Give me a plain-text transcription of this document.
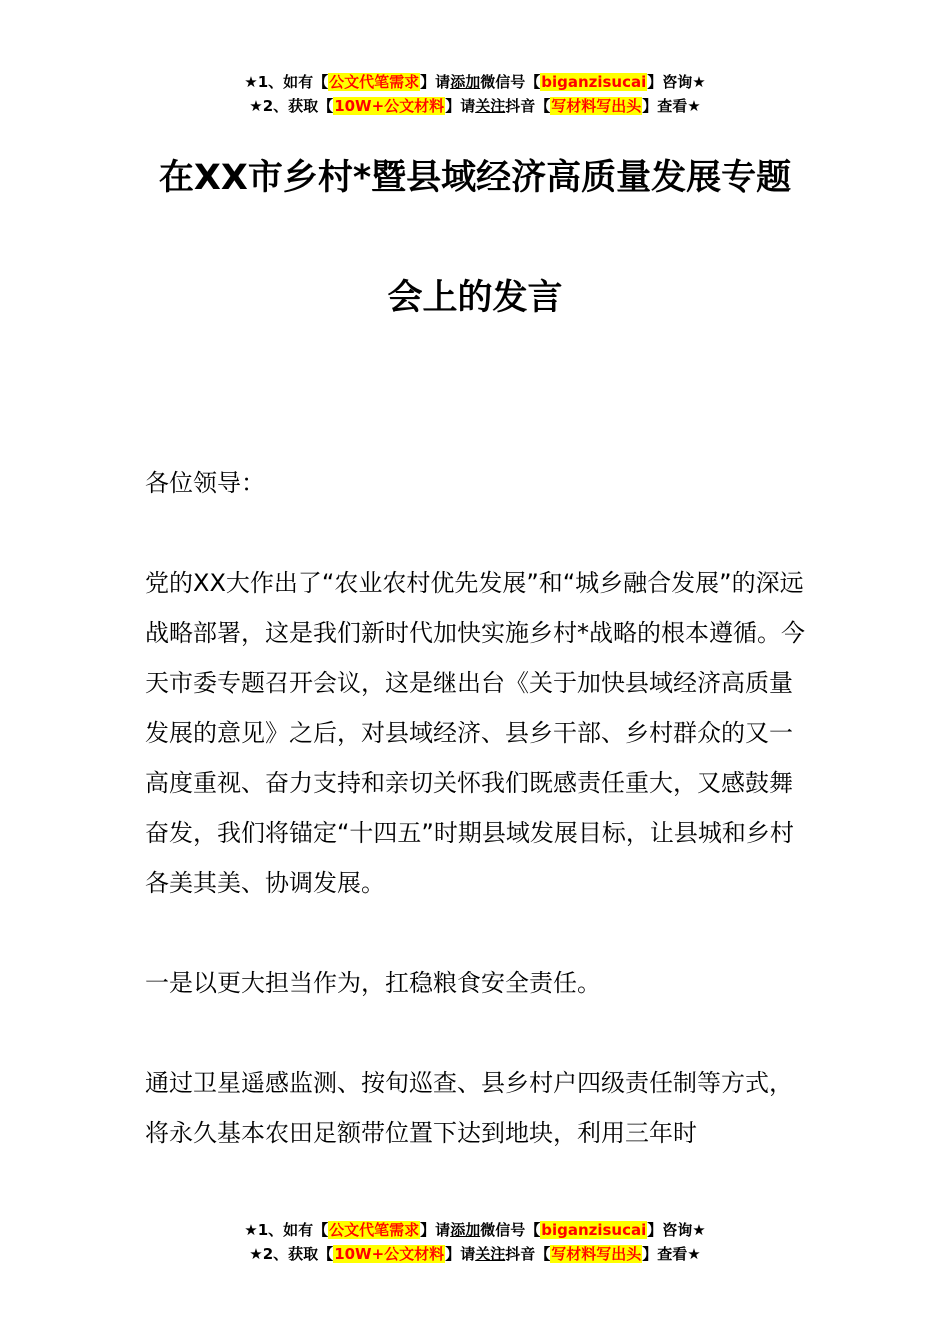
★1、如有【公文代笔需求】请添加微信号【biganzisucai】咨询★
★2、获取【10W+公文材料】请关注抖音【写材料写出头】查看★
在XX市乡村*暨县域经济高质量发展专题
会上的发言

各位领导：

党的XX大作出了“农业农村优先发展”和“城乡融合发展”的深远战略部署，这是我们新时代加快实施乡村*战略的根本遵循。今天市委专题召开会议，这是继出台《关于加快县域经济高质量发展的意见》之后，对县域经济、县乡干部、乡村群众的又一高度重视、奋力支持和亲切关怀我们既感责任重大，又感鼓舞奋发，我们将锚定“十四五”时期县域发展目标，让县城和乡村各美其美、协调发展。

一是以更大担当作为，扛稳粮食安全责任。

通过卫星遥感监测、按旬巡查、县乡村户四级责任制等方式，将永久基本农田足额带位置下达到地块，利用三年时

★1、如有【公文代笔需求】请添加微信号【biganzisucai】咨询★
★2、获取【10W+公文材料】请关注抖音【写材料写出头】查看★
